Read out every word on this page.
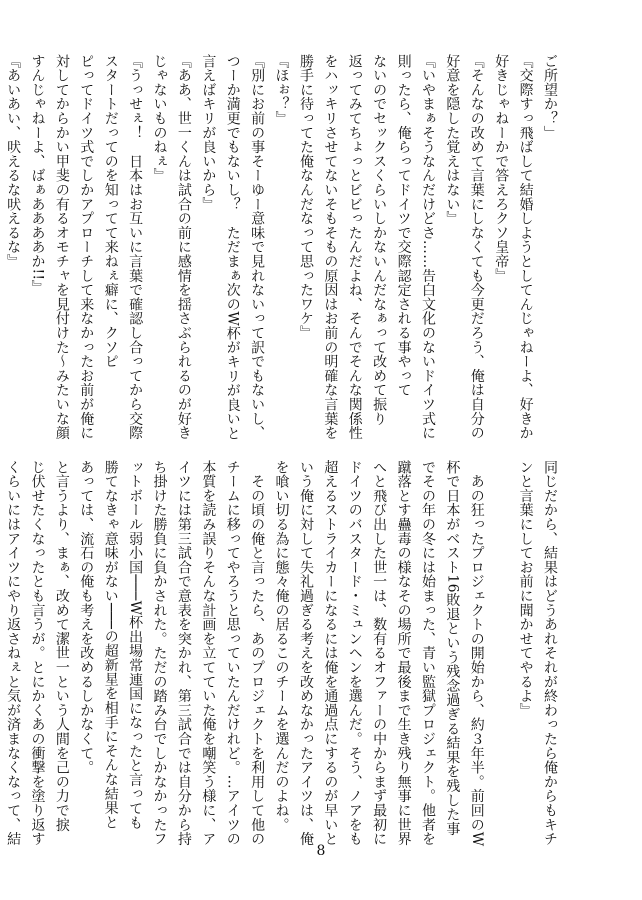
ご所望か？」
『交際すっ飛ばして結婚しようとしてんじゃねーよ、好きか
好きじゃねーかで答えろクソ皇帝』
『そんなの改めて言葉にしなくても今更だろう、俺は自分の
好意を隠した覚えはない』
『いやまぁそうなんだけどさ……告白文化のないドイツ式に
則ったら、俺らってドイツで交際認定される事やって
ないのでセックスくらいしかないんだなぁって改めて振り
返ってみてちょっとビビったんだよね、そんでそんな関係性
をハッキリさせてないそもそもの原因はお前の明確な言葉を
勝手に待ってた俺なんだなって思ったワケ』
『ほぉ？』
『別にお前の事そーゆー意味で見れないって訳でもないし、
つーか満更でもないし？　ただまぁ次のW杯がキリが良いと
言えばキリが良いから』
『ああ、世一くんは試合の前に感情を揺さぶられるのが好き
じゃないものねぇ』
『うっせぇ！　日本はお互いに言葉で確認し合ってから交際
スタートだってのを知ってて来ねぇ癖に、クソピ
ピってドイツ式でしかアプローチして来なかったお前が俺に
対してからかい甲斐の有るオモチャを見付けた〜みたいな顔
すんじゃねーよ、ばぁああああか!!』
『あいあい、吠えるな吠えるな』
同じだから、結果はどうあれそれが終わったら俺からもキチ
ンと言葉にしてお前に聞かせてやるよ』

　あの狂ったプロジェクトの開始から、約３年半。前回のW
杯で日本がベスト16敗退という残念過ぎる結果を残した事
でその年の冬には始まった、青い監獄プロジェクト。他者を
蹴落とす蠱毒の様なその場所で最後まで生き残り無事に世界
へと飛び出した世一は、数有るオファーの中からまず最初に
ドイツのバスタード・ミュンヘンを選んだ。そう、ノアをも
超えるストライカーになるには俺を通過点にするのが早いと
いう俺に対して失礼過ぎる考えを改めなかったアイツは、俺
を喰い切る為に態々俺の居るこのチームを選んだのよね。
　その頃の俺と言ったら、あのプロジェクトを利用して他の
チームに移ってやろうと思っていたんだけれど。…アイツの
本質を読み誤りそんな計画を立てていた俺を嘲笑う様に、ア
イツには第三試合で意表を突かれ、第三試合では自分から持
ち掛けた勝負に負かされた。ただの踏み台でしかなかったフ
ットボール弱小国───W杯出場常連国になったと言っても
勝てなきゃ意味がない───の超新星を相手にそんな結果と
あっては、流石の俺も考えを改めるしかなくて。
と言うより、まぁ、改めて潔世一という人間を己の力で捩
じ伏せたくなったとも言うが。とにかくあの衝撃を塗り返す
くらいにはアイツにやり返さねぇと気が済まなくなって、結
8
